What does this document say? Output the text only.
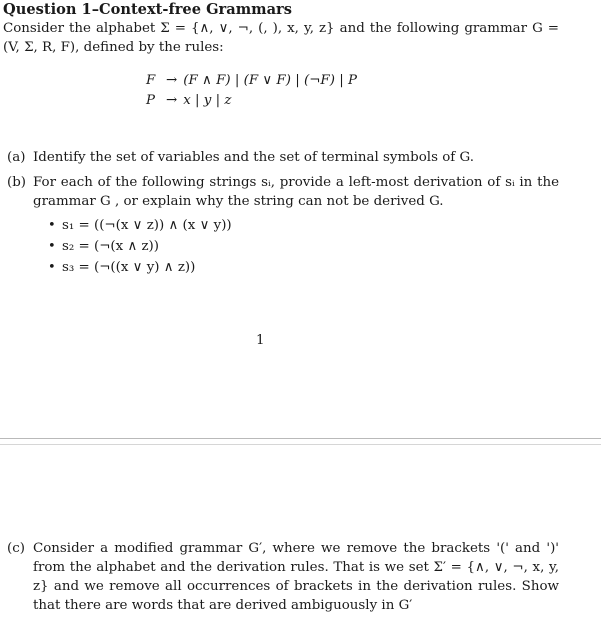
Question 1–Context-free Grammars
Consider the alphabet Σ = {∧, ∨, ¬, (, ), x, y, z} and the following grammar G = (V, Σ, R, F), defined by the rules:
F → (F ∧ F) | (F ∨ F) | (¬F) | P
P → x | y | z
(a) Identify the set of variables and the set of terminal symbols of G.
(b) For each of the following strings sᵢ, provide a left-most derivation of sᵢ in the grammar G , or explain why the string can not be derived G.
• s₁ = ((¬(x ∨ z)) ∧ (x ∨ y))
• s₂ = (¬(x ∧ z))
• s₃ = (¬((x ∨ y) ∧ z))
1
(c) Consider a modified grammar G′, where we remove the brackets '(' and ')' from the alphabet and the derivation rules. That is we set Σ′ = {∧, ∨, ¬, x, y, z} and we remove all occurrences of brackets in the derivation rules. Show that there are words that are derived ambiguously in G′
